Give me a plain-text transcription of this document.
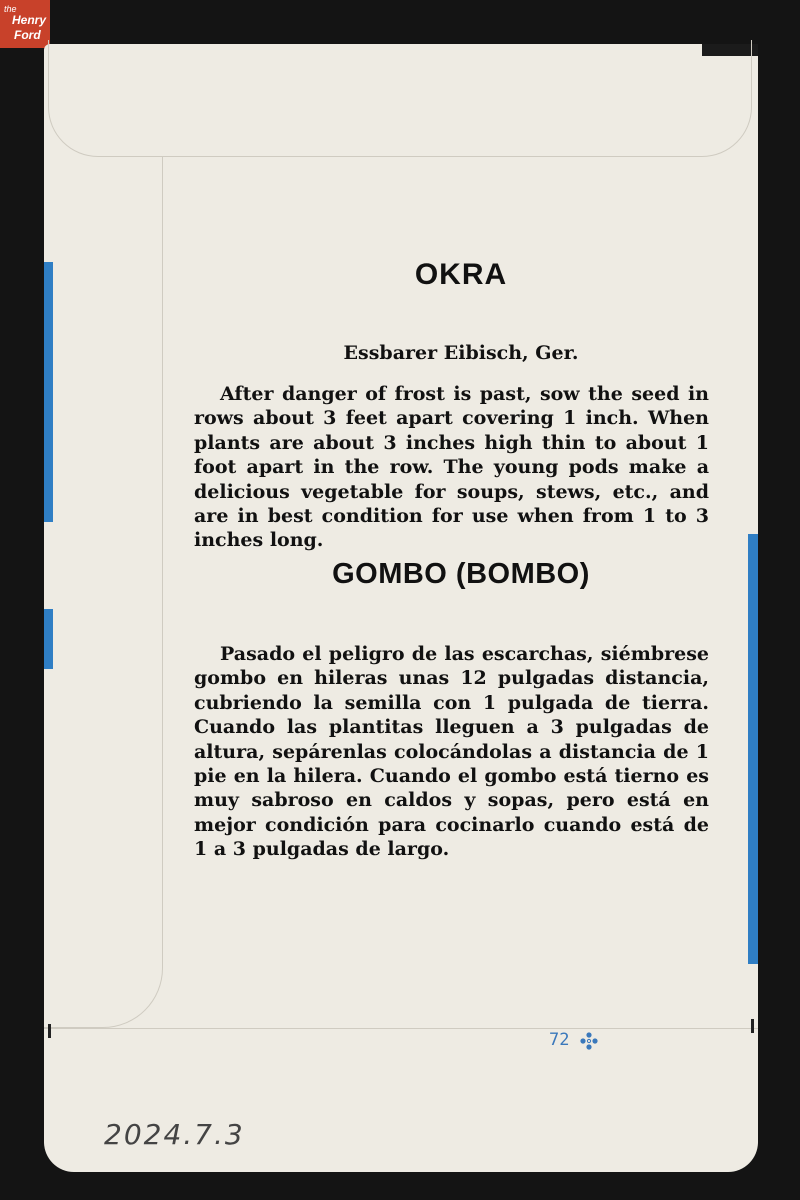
the
Henry
Ford
OKRA
Essbarer Eibisch, Ger.

After danger of frost is past, sow the seed in rows about 3 feet apart covering 1 inch. When plants are about 3 inches high thin to about 1 foot apart in the row. The young pods make a delicious vegetable for soups, stews, etc., and are in best condition for use when from 1 to 3 inches long.

GOMBO (BOMBO)

Pasado el peligro de las escarchas, siémbrese gombo en hileras unas 12 pulgadas distancia, cubriendo la semilla con 1 pulgada de tierra. Cuando las plantitas lleguen a 3 pulgadas de altura, sepárenlas colocándolas a distancia de 1 pie en la hilera. Cuando el gombo está tierno es muy sabroso en caldos y sopas, pero está en mejor condición para cocinarlo cuando está de 1 a 3 pulgadas de largo.

72
2024.7.3
